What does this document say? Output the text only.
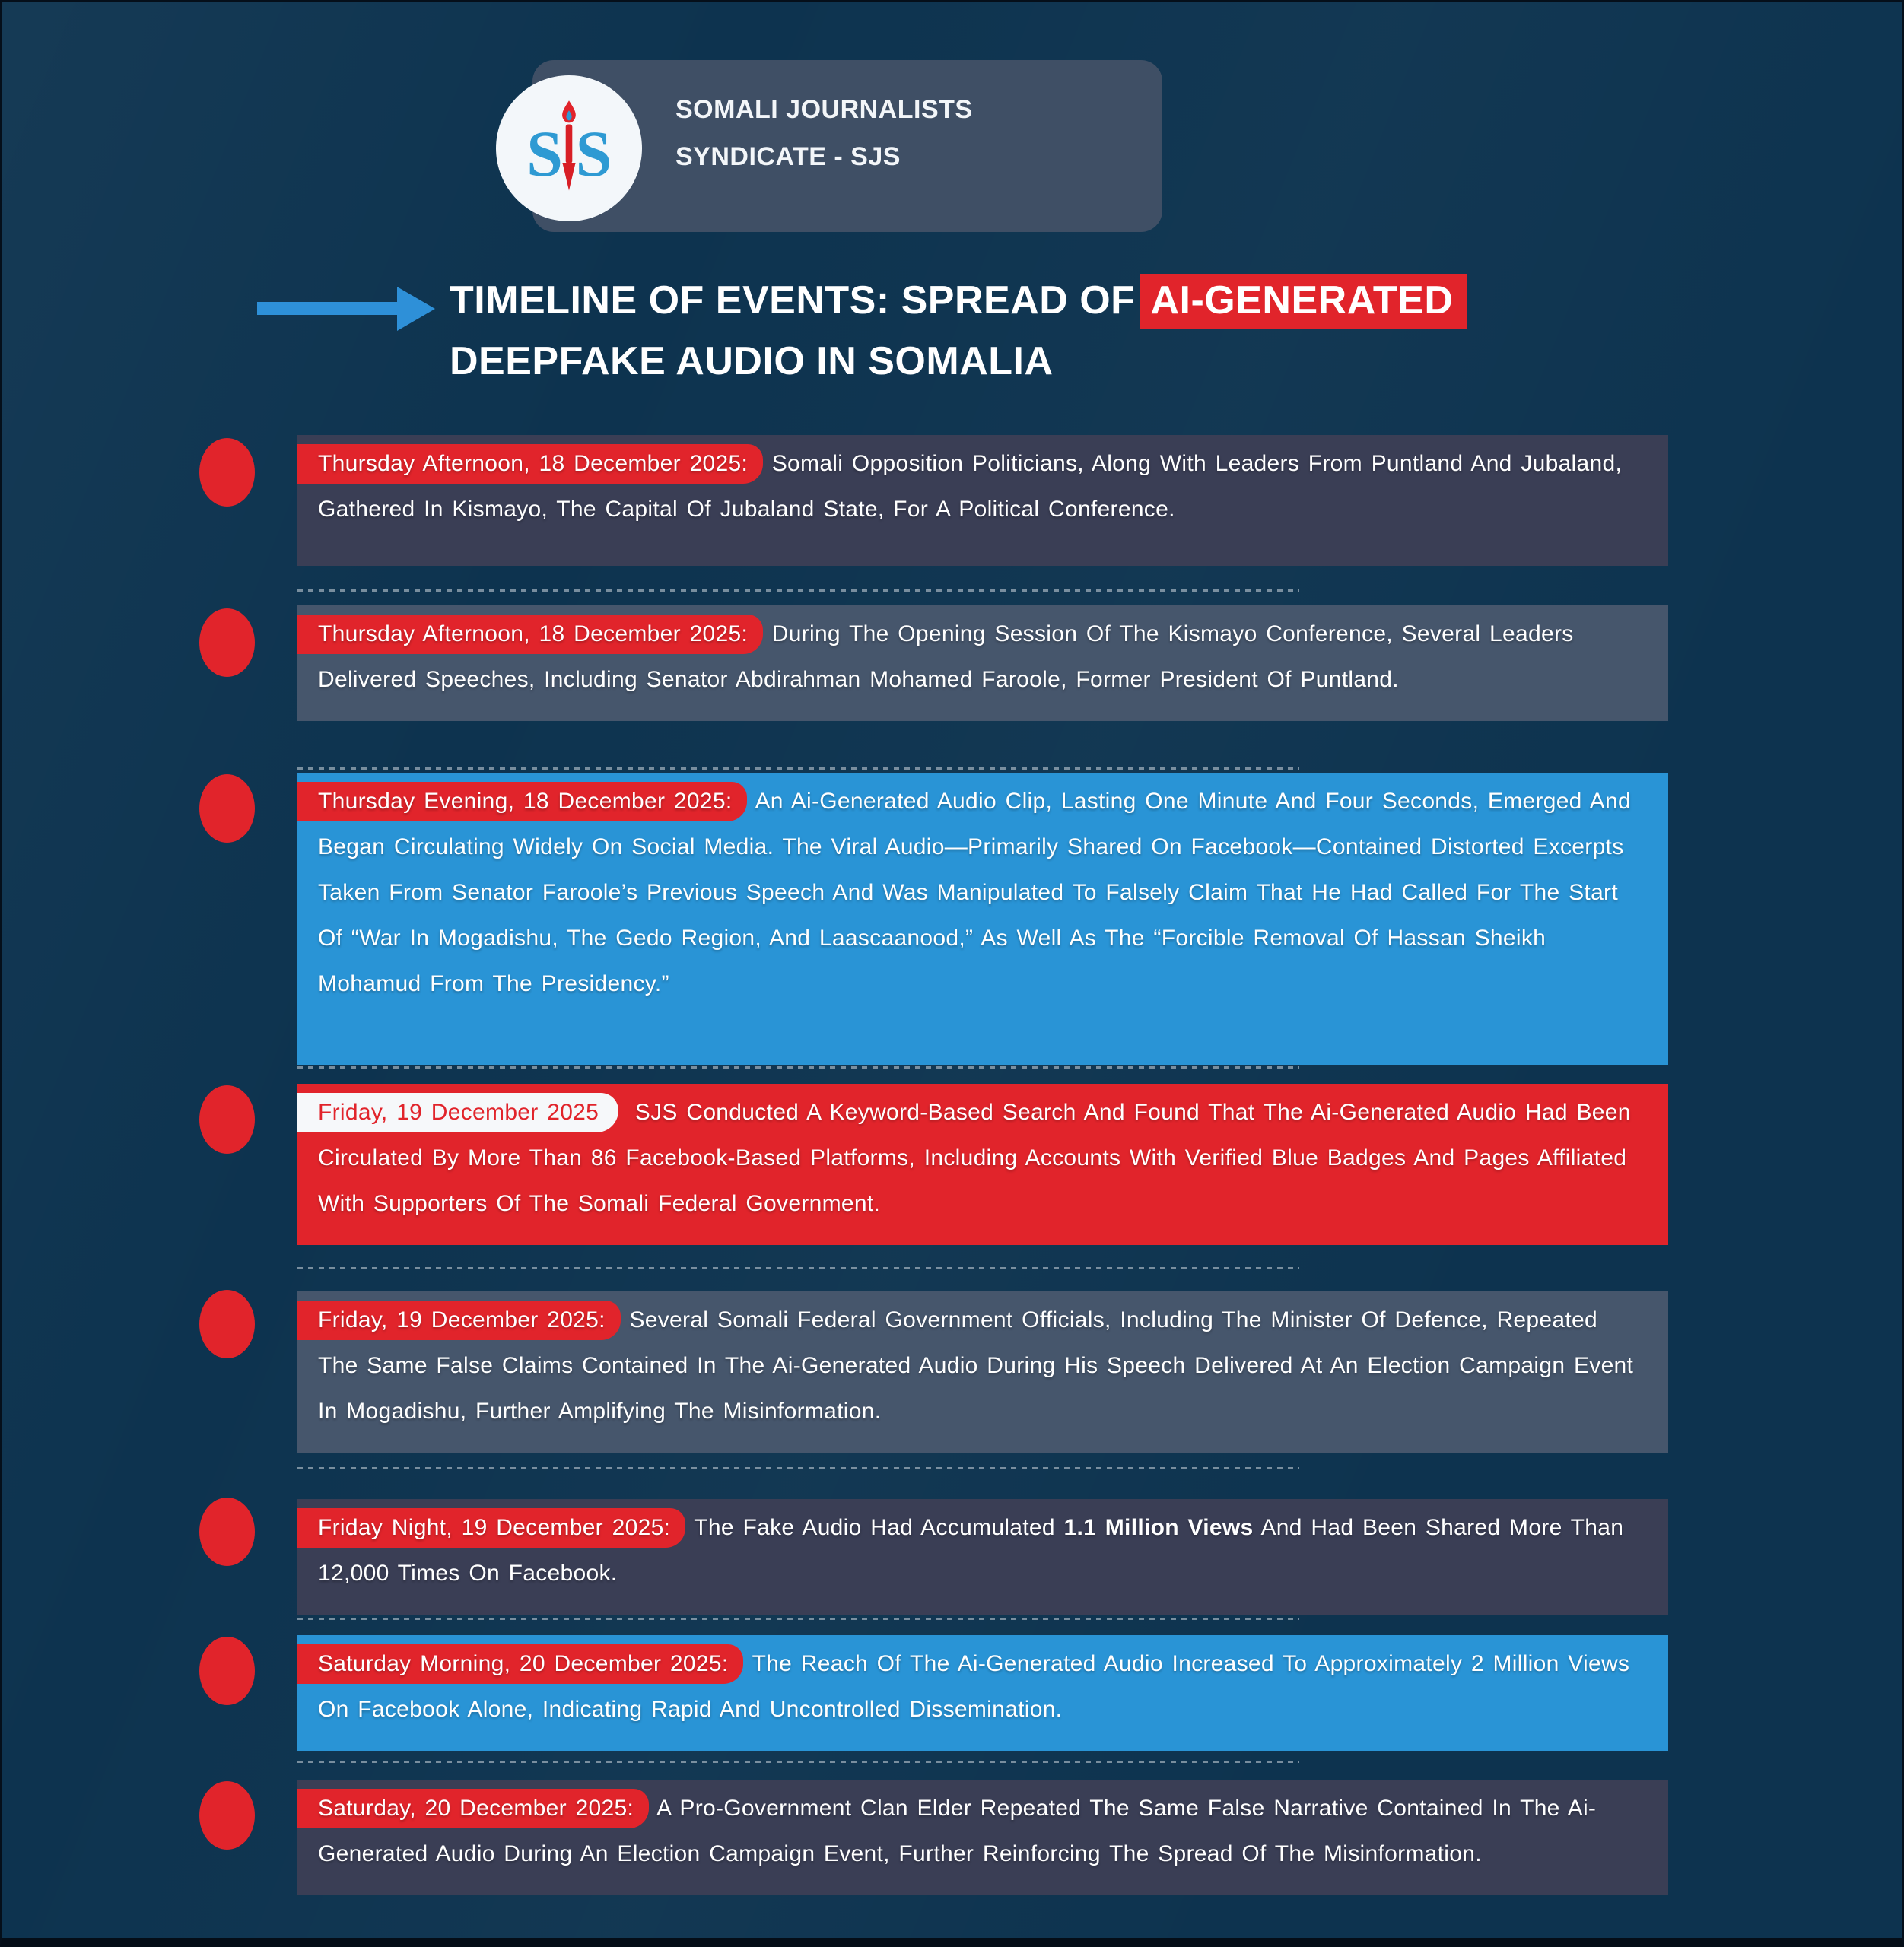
S S
SOMALI JOURNALISTS
SYNDICATE - SJS
TIMELINE OF EVENTS: SPREAD OF AI-GENERATED
DEEPFAKE AUDIO IN SOMALIA

Thursday Afternoon, 18 December 2025: Somali Opposition Politicians, Along With Leaders From Puntland And Jubaland, Gathered In Kismayo, The Capital Of Jubaland State, For A Political Conference.

Thursday Afternoon, 18 December 2025: During The Opening Session Of The Kismayo Conference, Several Leaders Delivered Speeches, Including Senator Abdirahman Mohamed Faroole, Former President Of Puntland.

Thursday Evening, 18 December 2025: An Ai-Generated Audio Clip, Lasting One Minute And Four Seconds, Emerged And Began Circulating Widely On Social Media. The Viral Audio—Primarily Shared On Facebook—Contained Distorted Excerpts Taken From Senator Faroole’s Previous Speech And Was Manipulated To Falsely Claim That He Had Called For The Start Of “War In Mogadishu, The Gedo Region, And Laascaanood,” As Well As The “Forcible Removal Of Hassan Sheikh Mohamud From The Presidency.”

Friday, 19 December 2025 SJS Conducted A Keyword-Based Search And Found That The Ai-Generated Audio Had Been Circulated By More Than 86 Facebook-Based Platforms, Including Accounts With Verified Blue Badges And Pages Affiliated With Supporters Of The Somali Federal Government.

Friday, 19 December 2025: Several Somali Federal Government Officials, Including The Minister Of Defence, Repeated The Same False Claims Contained In The Ai-Generated Audio During His Speech Delivered At An Election Campaign Event In Mogadishu, Further Amplifying The Misinformation.

Friday Night, 19 December 2025: The Fake Audio Had Accumulated 1.1 Million Views And Had Been Shared More Than 12,000 Times On Facebook.

Saturday Morning, 20 December 2025: The Reach Of The Ai-Generated Audio Increased To Approximately 2 Million Views On Facebook Alone, Indicating Rapid And Uncontrolled Dissemination.

Saturday, 20 December 2025: A Pro-Government Clan Elder Repeated The Same False Narrative Contained In The Ai-Generated Audio During An Election Campaign Event, Further Reinforcing The Spread Of The Misinformation.
